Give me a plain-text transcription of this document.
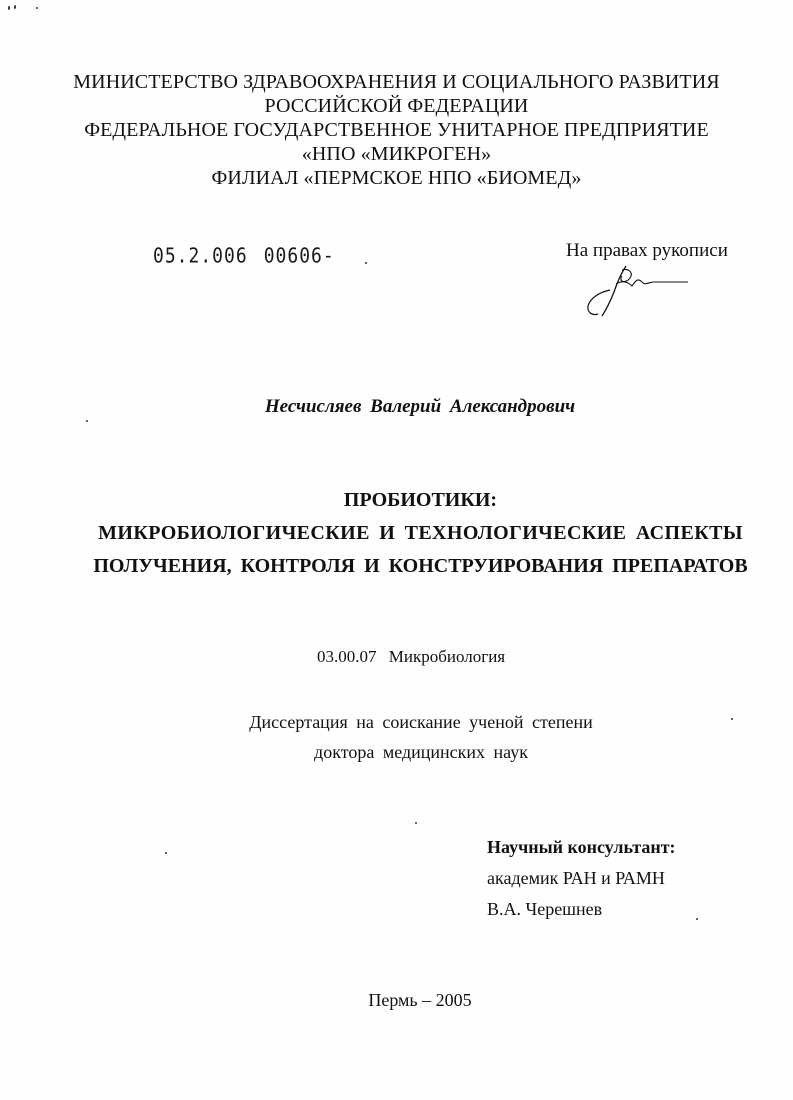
МИНИСТЕРСТВО ЗДРАВООХРАНЕНИЯ И СОЦИАЛЬНОГО РАЗВИТИЯ
РОССИЙСКОЙ ФЕДЕРАЦИИ
ФЕДЕРАЛЬНОЕ ГОСУДАРСТВЕННОЕ УНИТАРНОЕ ПРЕДПРИЯТИЕ
«НПО «МИКРОГЕН»
ФИЛИАЛ «ПЕРМСКОЕ НПО «БИОМЕД»
05.2.006 00606-	На правах рукописи
Несчисляев Валерий Александрович
ПРОБИОТИКИ:
МИКРОБИОЛОГИЧЕСКИЕ И ТЕХНОЛОГИЧЕСКИЕ АСПЕКТЫ
ПОЛУЧЕНИЯ, КОНТРОЛЯ И КОНСТРУИРОВАНИЯ ПРЕПАРАТОВ
03.00.07 Микробиология
Диссертация на соискание ученой степени
доктора медицинских наук
Научный консультант:
академик РАН и РАМН
В.А. Черешнев
Пермь – 2005
